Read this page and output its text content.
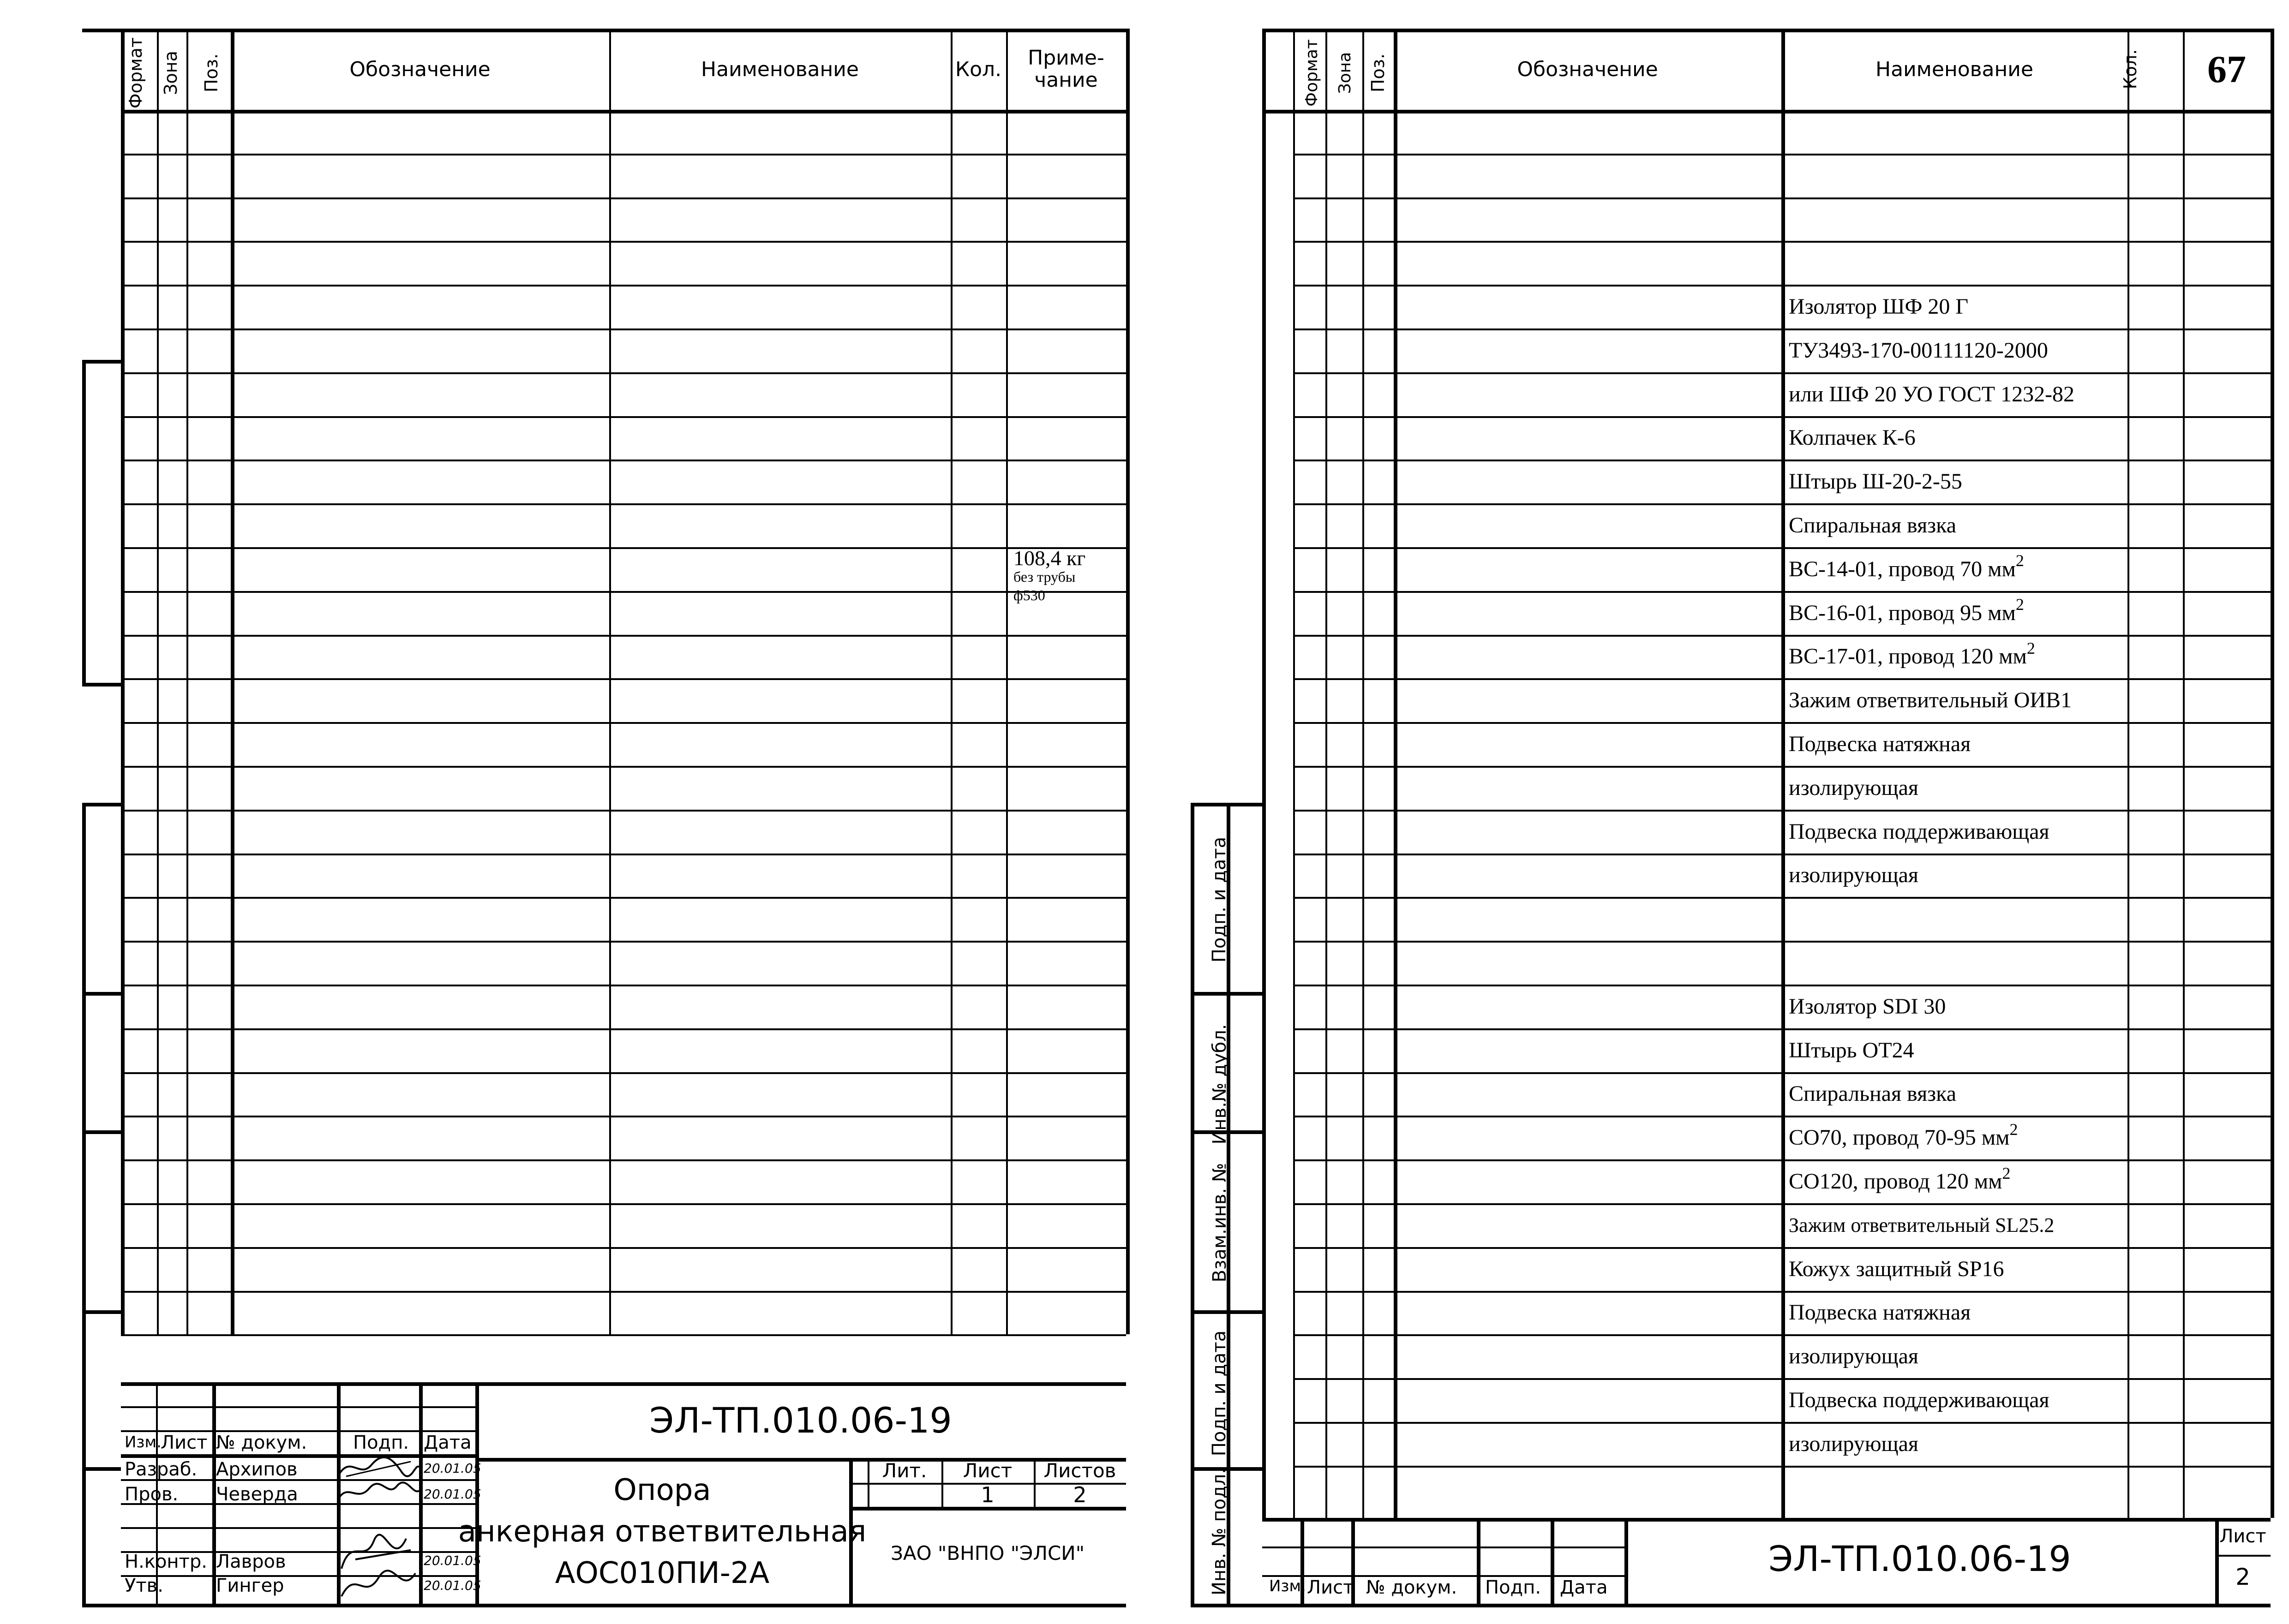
108,4 кг
без трубы
ф530
Формат Зона Поз.	Обозначение	Наименование	Кол. Приме-
чание
ЭЛ-ТП.010.06-19
Опора
анкерная ответвительная
АОС010ПИ-2А
ЗАО "ВНПО "ЭЛСИ"
Лит.	Лист	Листов
1	2
Изм.
Лист № докум. Подп. Дата
Разраб. Архипов	20.01.05
Пров. Чеверда	20.01.05
Н.контр. Лавров	20.01.05
Утв.	Гингер	20.01.05
Изолятор ШФ 20 Г
ТУ3493-170-00111120-2000
или ШФ 20 УО ГОСТ 1232-82
Колпачек К-6
Штырь Ш-20-2-55
Спиральная вязка
ВС-14-01, провод 70 $мм^2$
ВС-16-01, провод 95 $мм^2$
ВС-17-01, провод 120 $мм^2$
Зажим ответвительный ОИВ1
Подвеска натяжная
изолирующая
Подвеска поддерживающая
изолирующая
Изолятор SDI 30
Штырь ОТ24
Спиральная вязка
СО70, провод 70-95 $мм^2$
СО120, провод 120 $мм^2$
Зажим ответвительный SL25.2
Кожух защитный SP16
Подвеска натяжная
изолирующая
Подвеска поддерживающая
изолирующая
Формат Зона Поз.	Обозначение	Наименование	Кол.	67
Подп. и дата
Инв.№ дубл.
Взам.инв. №
Подп. и дата
Инв. № подл.	ЭЛ-ТП.010.06-19
Лист
2
Изм. Лист № докум. Подп. Дата
